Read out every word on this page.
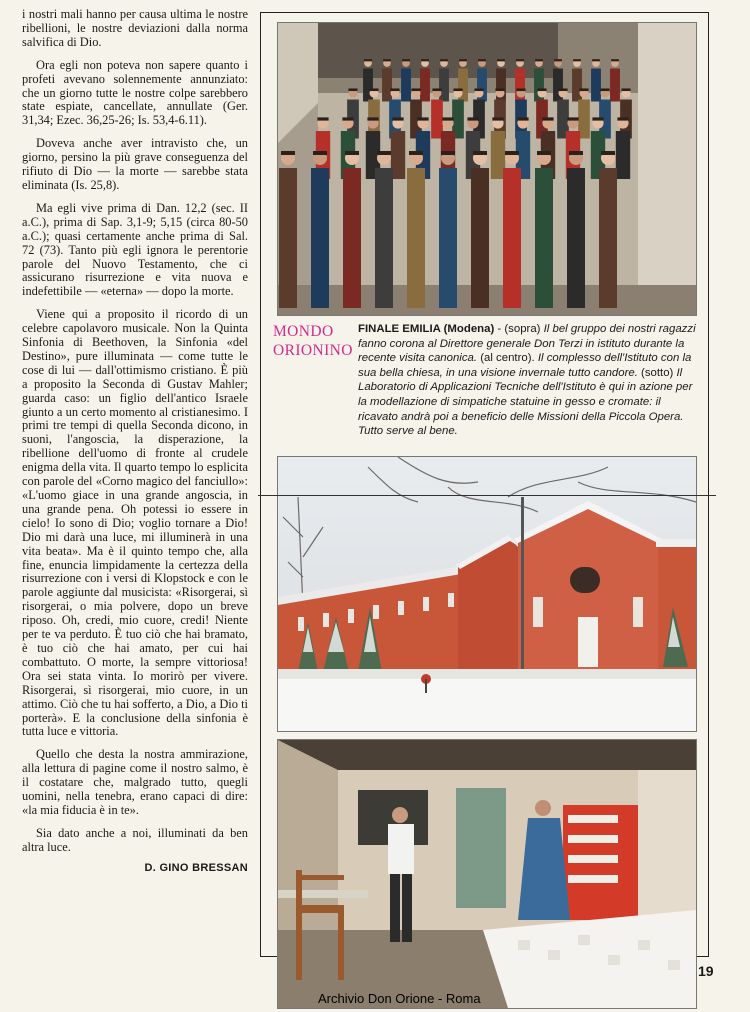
i nostri mali hanno per causa ultima le nostre ribellioni, le nostre deviazioni dalla norma salvifica di Dio.

Ora egli non poteva non sapere quanto i profeti avevano solennemente annunziato: che un giorno tutte le nostre colpe sarebbero state espiate, cancellate, annullate (Ger. 31,34; Ezec. 36,25-26; Is. 53,4-6.11).

Doveva anche aver intravisto che, un giorno, persino la più grave conseguenza del rifiuto di Dio — la morte — sarebbe stata eliminata (Is. 25,8).

Ma egli vive prima di Dan. 12,2 (sec. II a.C.), prima di Sap. 3,1-9; 5,15 (circa 80-50 a.C.); quasi certamente anche prima di Sal. 72 (73). Tanto più egli ignora le perentorie parole del Nuovo Testamento, che ci assicurano risurrezione e vita nuova e indefettibile — «eterna» — dopo la morte.

Viene qui a proposito il ricordo di un celebre capolavoro musicale. Non la Quinta Sinfonia di Beethoven, la Sinfonia «del Destino», pure illuminata — come tutte le cose di lui — dall'ottimismo cristiano. È più a proposito la Seconda di Gustav Mahler; guarda caso: un figlio dell'antico Israele giunto a un certo momento al cristianesimo. I primi tre tempi di quella Seconda dicono, in suoni, l'angoscia, la disperazione, la ribellione dell'uomo di fronte al crudele enigma della vita. Il quarto tempo lo esplicita con parole del «Corno magico del fanciullo»: «L'uomo giace in una grande angoscia, in una grande pena. Oh potessi io essere in cielo! Io sono di Dio; voglio tornare a Dio! Dio mi darà una luce, mi illuminerà in una vita beata». Ma è il quinto tempo che, alla fine, enuncia limpidamente la certezza della risurrezione con i versi di Klopstock e con le parole aggiunte dal musicista: «Risorgerai, sì risorgerai, o mia polvere, dopo un breve riposo. Oh, credi, mio cuore, credi! Niente per te va perduto. È tuo ciò che hai bramato, è tuo ciò che hai amato, per cui hai combattuto. O morte, la sempre vittoriosa! Ora sei stata vinta. Io morirò per vivere. Risorgerai, sì risorgerai, mio cuore, in un attimo. Ciò che tu hai sofferto, a Dio, a Dio ti porterà». E la conclusione della sinfonia è tutta luce e vittoria.

Quello che desta la nostra ammirazione, alla lettura di pagine come il nostro salmo, è il costatare che, malgrado tutto, quegli uomini, nella tenebra, erano capaci di dire: «la mia fiducia è in te».

Sia dato anche a noi, illuminati da ben altra luce.

D. GINO BRESSAN
MONDO
ORIONINO
FINALE EMILIA (Modena) - (sopra) Il bel gruppo dei nostri ragazzi fanno corona al Direttore generale Don Terzi in istituto durante la recente visita canonica. (al centro). Il complesso dell'Istituto con la sua bella chiesa, in una visione invernale tutto candore. (sotto) Il Laboratorio di Applicazioni Tecniche dell'Istituto è qui in azione per la modellazione di simpatiche statuine in gesso e cromate: il ricavato andrà poi a beneficio delle Missioni della Piccola Opera. Tutto serve al bene.
19
Archivio Don Orione - Roma
